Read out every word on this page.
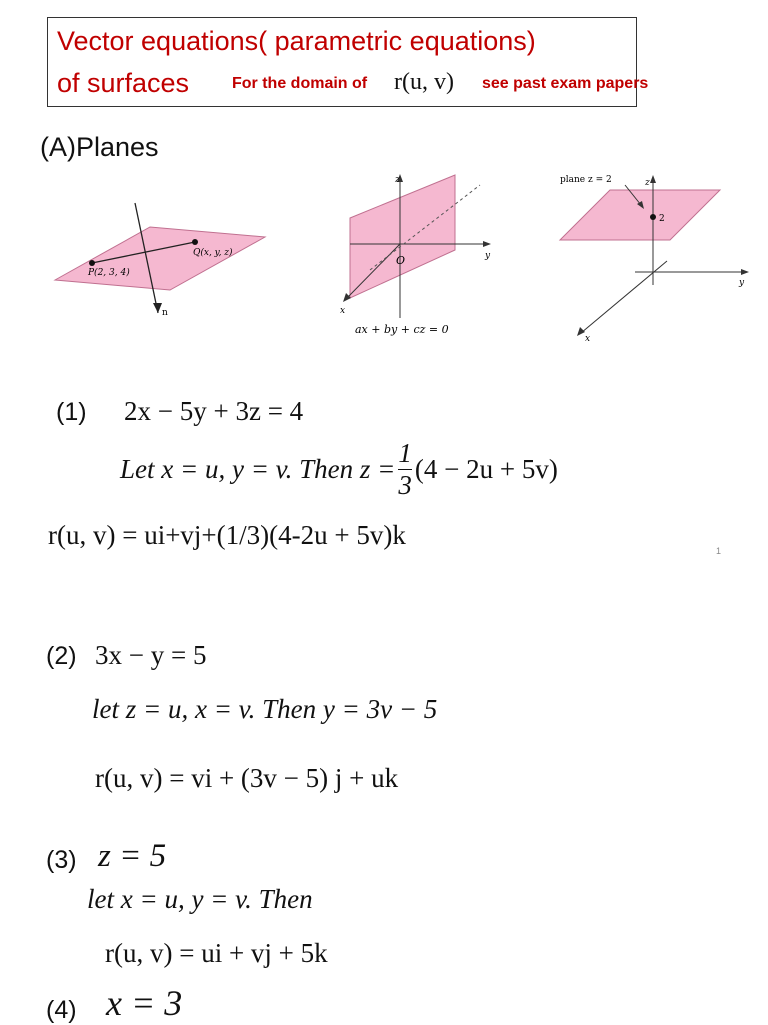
Vector equations( parametric equations)
of surfaces	For the domain of r(u, v) see past exam papers
(A)Planes
Q(x, y, z)
P(2, 3, 4)
n
z
y
x
O
ax + by + cz = 0
plane z = 2	z
2
y
x
(1) 2x − 5y + 3z = 4
Let x = u, y = v. Then $z = \frac{1}{3} (4 - 2u + 5v)$
r(u, v) = ui+vj+(1/3)(4-2u + 5v)k
1
(2) 3x − y = 5
let z = u, x = v. Then y = 3v − 5
r(u, v) = vi + (3v − 5) j + uk
(3) z = 5
let x = u, y = v. Then
r(u, v) = ui + vj + 5k
(4) x = 3
